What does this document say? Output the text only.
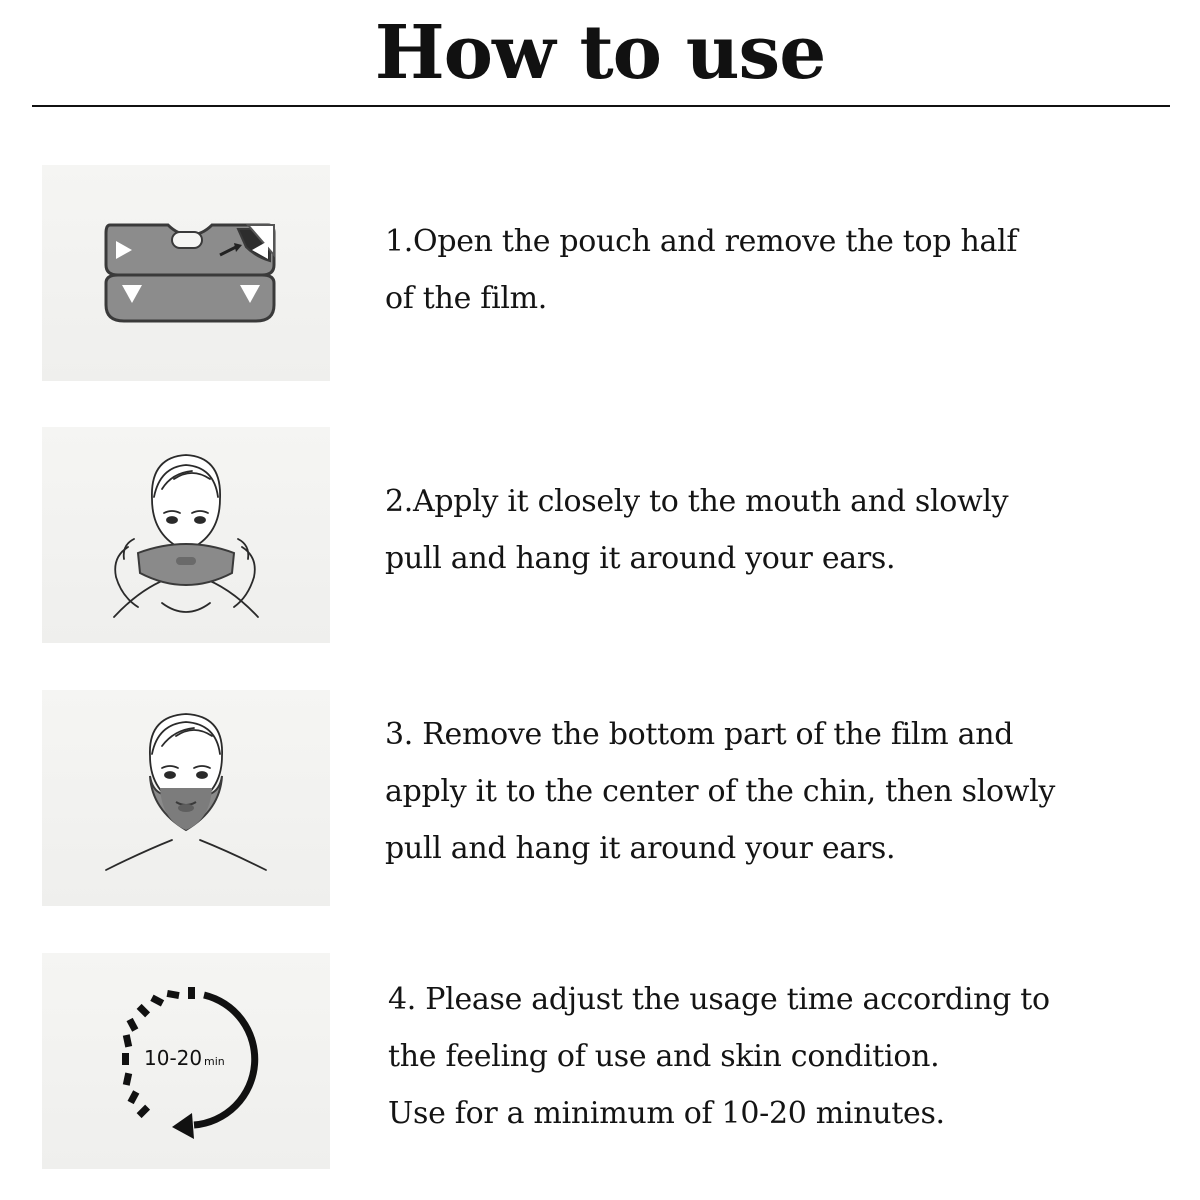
How to use

1.Open the pouch and remove the top half
of the film.

2.Apply it closely to the mouth and slowly
pull and hang it around your ears.

3. Remove the bottom part of the film and
apply it to the center of the chin, then slowly
pull and hang it around your ears.

10-20 min

4. Please adjust the usage time according to
the feeling of use and skin condition.
Use for a minimum of 10-20 minutes.
